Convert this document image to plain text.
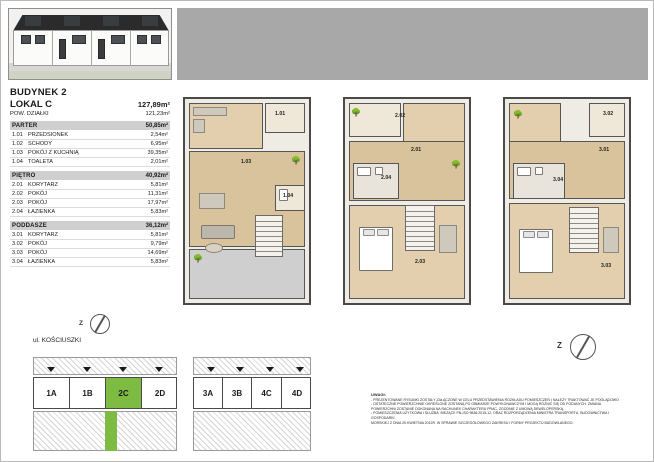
BUDYNEK 2
LOKAL C	127,89m²
POW. DZIAŁKI	121,23m²
PARTER	50,85m²
1.01	PRZEDSIONEK	2,54m²
1.02	SCHODY	6,95m²
1.03	POKÓJ Z KUCHNIĄ	39,35m²
1.04	TOALETA	2,01m²
PIĘTRO	40,92m²
2.01	KORYTARZ	5,81m²
2.02	POKÓJ	11,31m²
2.03	POKÓJ	17,97m²
2.04	ŁAZIENKA	5,83m²
PODDASZE	36,12m²
3.01	KORYTARZ	5,81m²
3.02	POKÓJ	9,79m²
3.03	POKÓJ	14,69m²
3.04	ŁAZIENKA	5,83m²
🌳
🌳
1.01
1.03
1.04
🌳
🌳	2.02
2.01
2.04
2.03
🌳	3.02
3.01
3.04
3.03
Z
Z
ul. KOŚCIUSZKI
1A	1B	2C	2D	3A	3B	4C	4D	UWAGI:
- PREZENTOWANE RYSUNKI ZOSTAŁY ZAŁĄCZONE W CELU PRZEDSTAWIENIA ROZKŁADU POMIESZCZEŃ I NALEŻY TRAKTOWAĆ JE POGLĄDOWO
- OSTATECZNE POWIERZCHNIE OKREŚLONE ZOSTANĄ PO OBMIARZE POWYKONAWCZYM I MOGĄ RÓŻNIĆ SIĘ OD PODANYCH. ZMIANA
POWIERZCHNI ZOSTANIE DOKONANA NA RACHUNEK CHARAKTERU PRAC, ZGODNIE Z UMOWĄ DEWELOPERSKĄ.
- POMIESZCZENIA UŻYTKOWA I SŁUŻBA. BIEŻĄCE PN-ISO 9836:2015-12, ORAZ ROZPORZĄDZENIA MINISTRA TRANSPORTU, BUDOWNICTWA I
GOSPODARKI
MORSKIEJ Z DNIA 25 KWIETNIA 2012R. W SPRAWIE SZCZEGÓŁOWEGO ZAKRESU I FORMY PROJEKTU BUDOWLANEGO.
